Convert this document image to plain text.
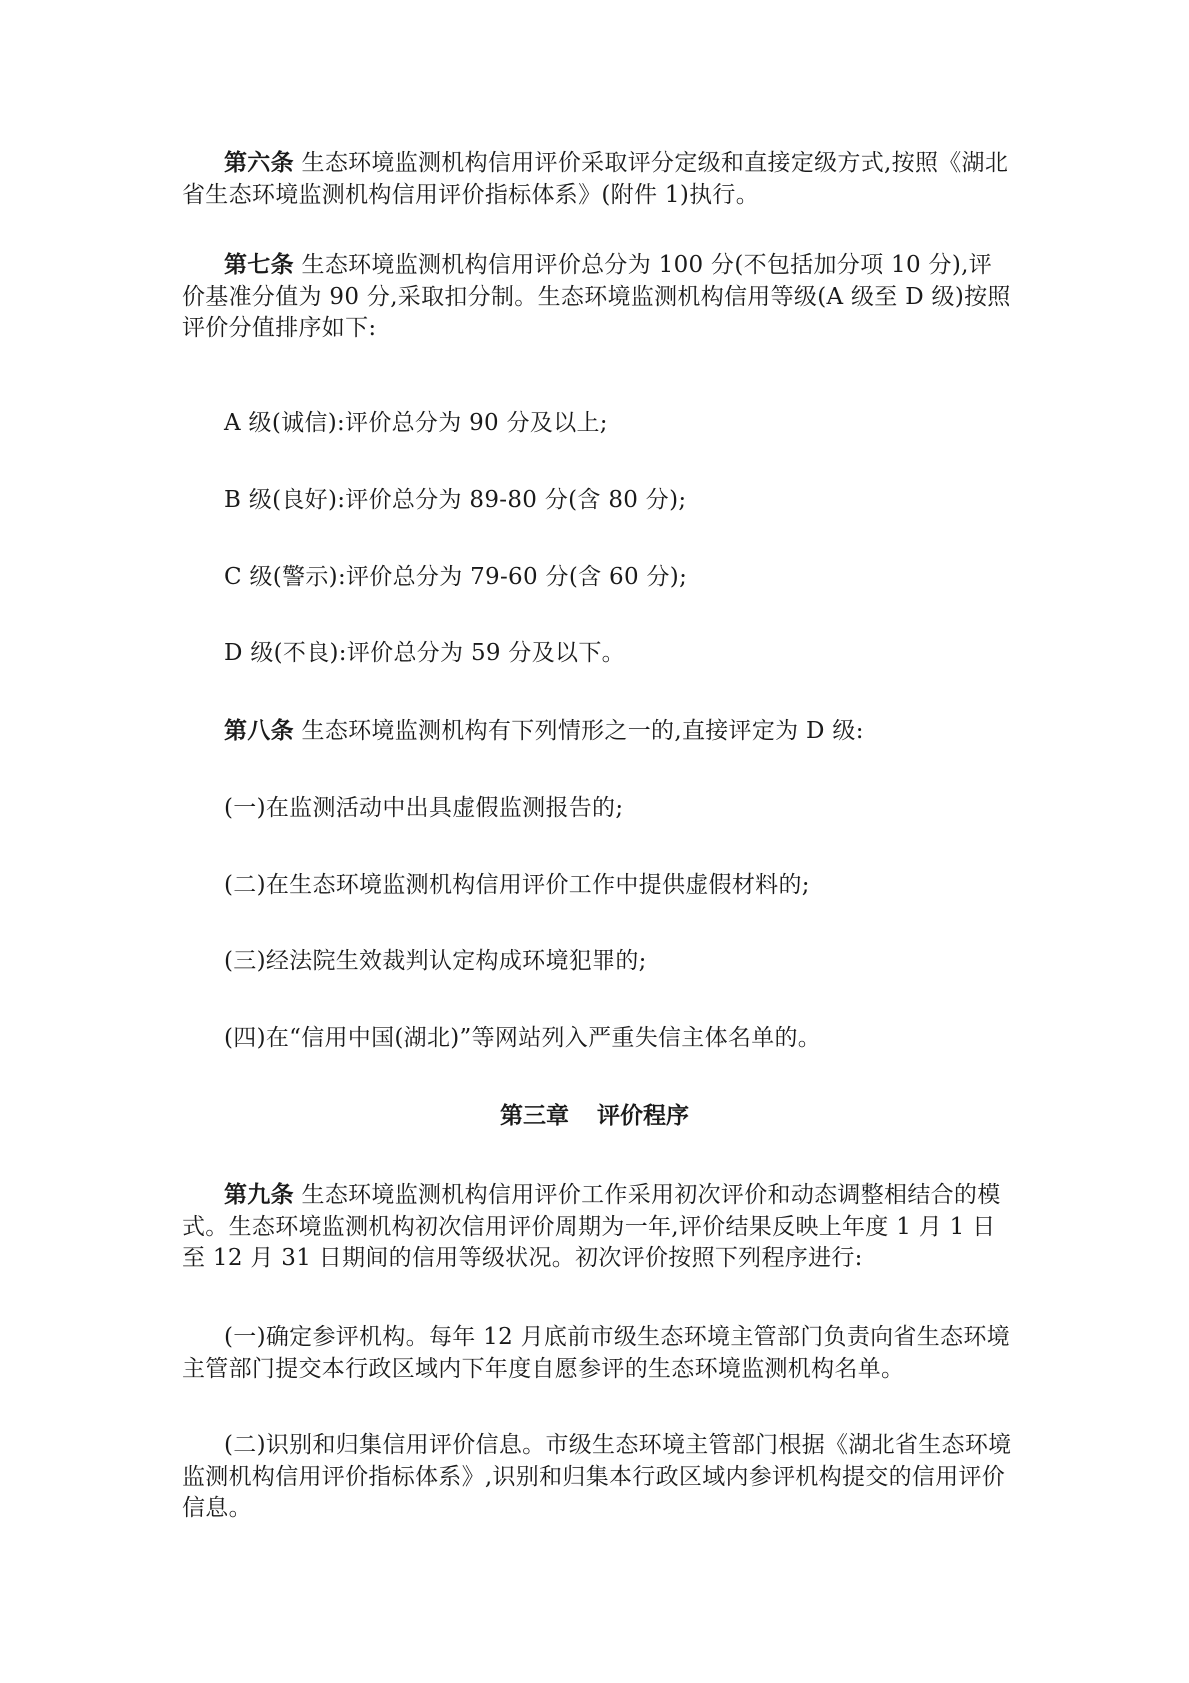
第六条 生态环境监测机构信用评价采取评分定级和直接定级方式,按照《湖北省生态环境监测机构信用评价指标体系》(附件 1)执行。

第七条 生态环境监测机构信用评价总分为 100 分(不包括加分项 10 分),评价基准分值为 90 分,采取扣分制。生态环境监测机构信用等级(A 级至 D 级)按照评价分值排序如下:

A 级(诚信):评价总分为 90 分及以上;

B 级(良好):评价总分为 89-80 分(含 80 分);

C 级(警示):评价总分为 79-60 分(含 60 分);

D 级(不良):评价总分为 59 分及以下。

第八条 生态环境监测机构有下列情形之一的,直接评定为 D 级:

(一)在监测活动中出具虚假监测报告的;

(二)在生态环境监测机构信用评价工作中提供虚假材料的;

(三)经法院生效裁判认定构成环境犯罪的;

(四)在“信用中国(湖北)”等网站列入严重失信主体名单的。

第三章 评价程序

第九条 生态环境监测机构信用评价工作采用初次评价和动态调整相结合的模式。生态环境监测机构初次信用评价周期为一年,评价结果反映上年度 1 月 1 日至 12 月 31 日期间的信用等级状况。初次评价按照下列程序进行:

(一)确定参评机构。每年 12 月底前市级生态环境主管部门负责向省生态环境主管部门提交本行政区域内下年度自愿参评的生态环境监测机构名单。

(二)识别和归集信用评价信息。市级生态环境主管部门根据《湖北省生态环境监测机构信用评价指标体系》,识别和归集本行政区域内参评机构提交的信用评价信息。
